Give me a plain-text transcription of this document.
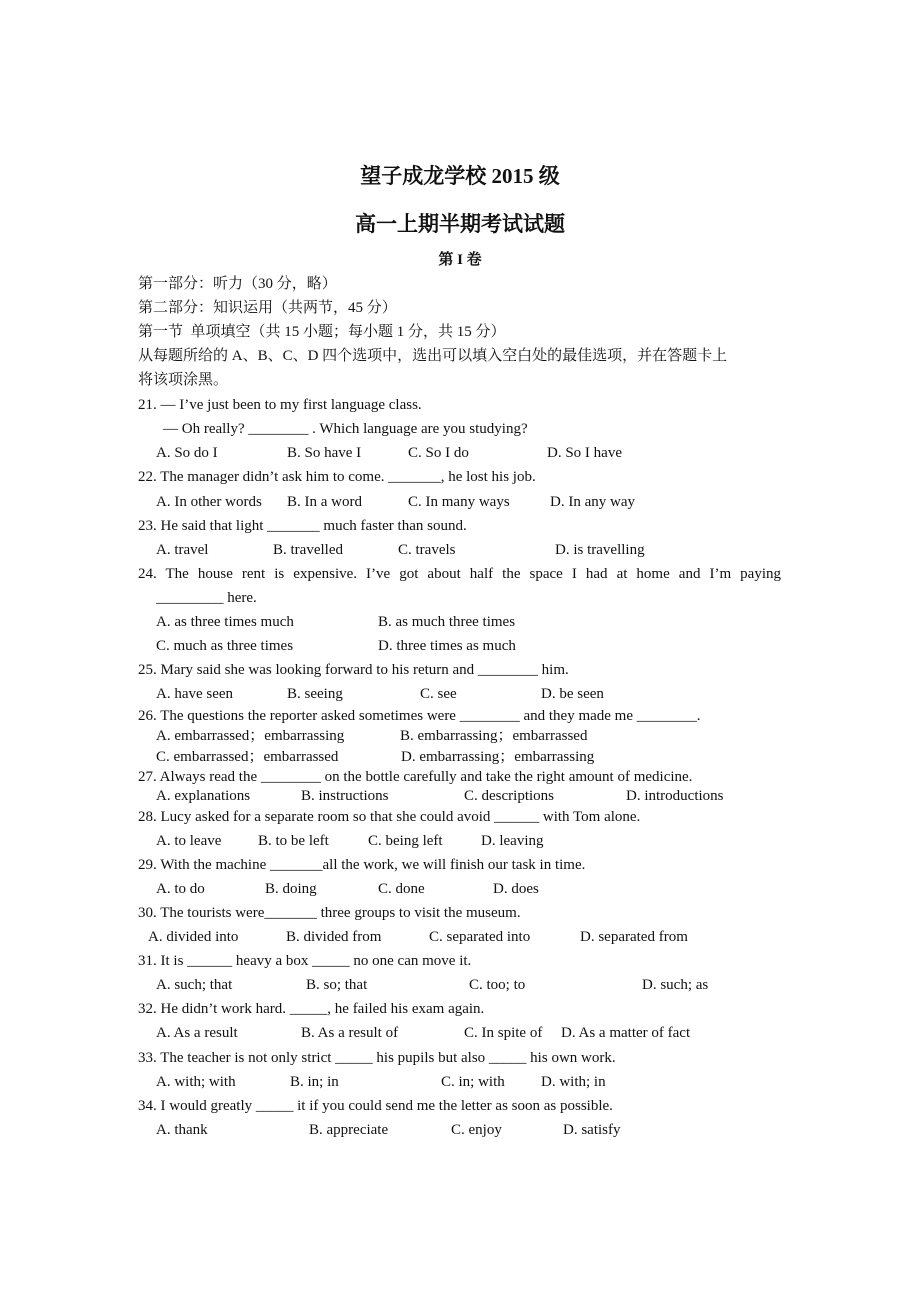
望子成龙学校 2015 级
高一上期半期考试试题
第 I 卷
第一部分：听力（30 分，略）
第二部分：知识运用（共两节，45 分）
第一节  单项填空（共 15 小题；每小题 1 分，共 15 分）
从每题所给的 A、B、C、D 四个选项中，选出可以填入空白处的最佳选项，并在答题卡上
将该项涂黑。
21. — I’ve just been to my first language class.
— Oh really? ________ . Which language are you studying?
A. So do I	B. So have I	C. So I do	D. So I have
22. The manager didn’t ask him to come. _______, he lost his job.
A. In other words B. In a word	C. In many ways	D. In any way
23. He said that light _______ much faster than sound.
A. travel	B. travelled	C. travels	D. is travelling
24. The house rent is expensive. I’ve got about half the space I had at home and I’m paying
_________ here.
A. as three times much	B. as much three times
C. much as three times	D. three times as much
25. Mary said she was looking forward to his return and ________ him.
A. have seen	B. seeing	C. see	D. be seen
26. The questions the reporter asked sometimes were ________ and they made me ________.
A. embarrassed；embarrassing	B. embarrassing；embarrassed
C. embarrassed；embarrassed	D. embarrassing；embarrassing
27. Always read the ________ on the bottle carefully and take the right amount of medicine.
A. explanations	B. instructions	C. descriptions	D. introductions
28. Lucy asked for a separate room so that she could avoid ______ with Tom alone.
A. to leave B. to be left	C. being left	D. leaving
29. With the machine _______all the work, we will finish our task in time.
A. to do	B. doing	C. done	D. does
30. The tourists were_______ three groups to visit the museum.
A. divided into	B. divided from	C. separated into	D. separated from
31. It is ______ heavy a box _____ no one can move it.
A. such; that	B. so; that	C. too; to	D. such; as
32. He didn’t work hard. _____, he failed his exam again.
A. As a result	B. As a result of	C. In spite of D. As a matter of fact
33. The teacher is not only strict _____ his pupils but also _____ his own work.
A. with; with	B. in; in	C. in; with D. with; in
34. I would greatly _____ it if you could send me the letter as soon as possible.
A. thank	B. appreciate	C. enjoy	D. satisfy
